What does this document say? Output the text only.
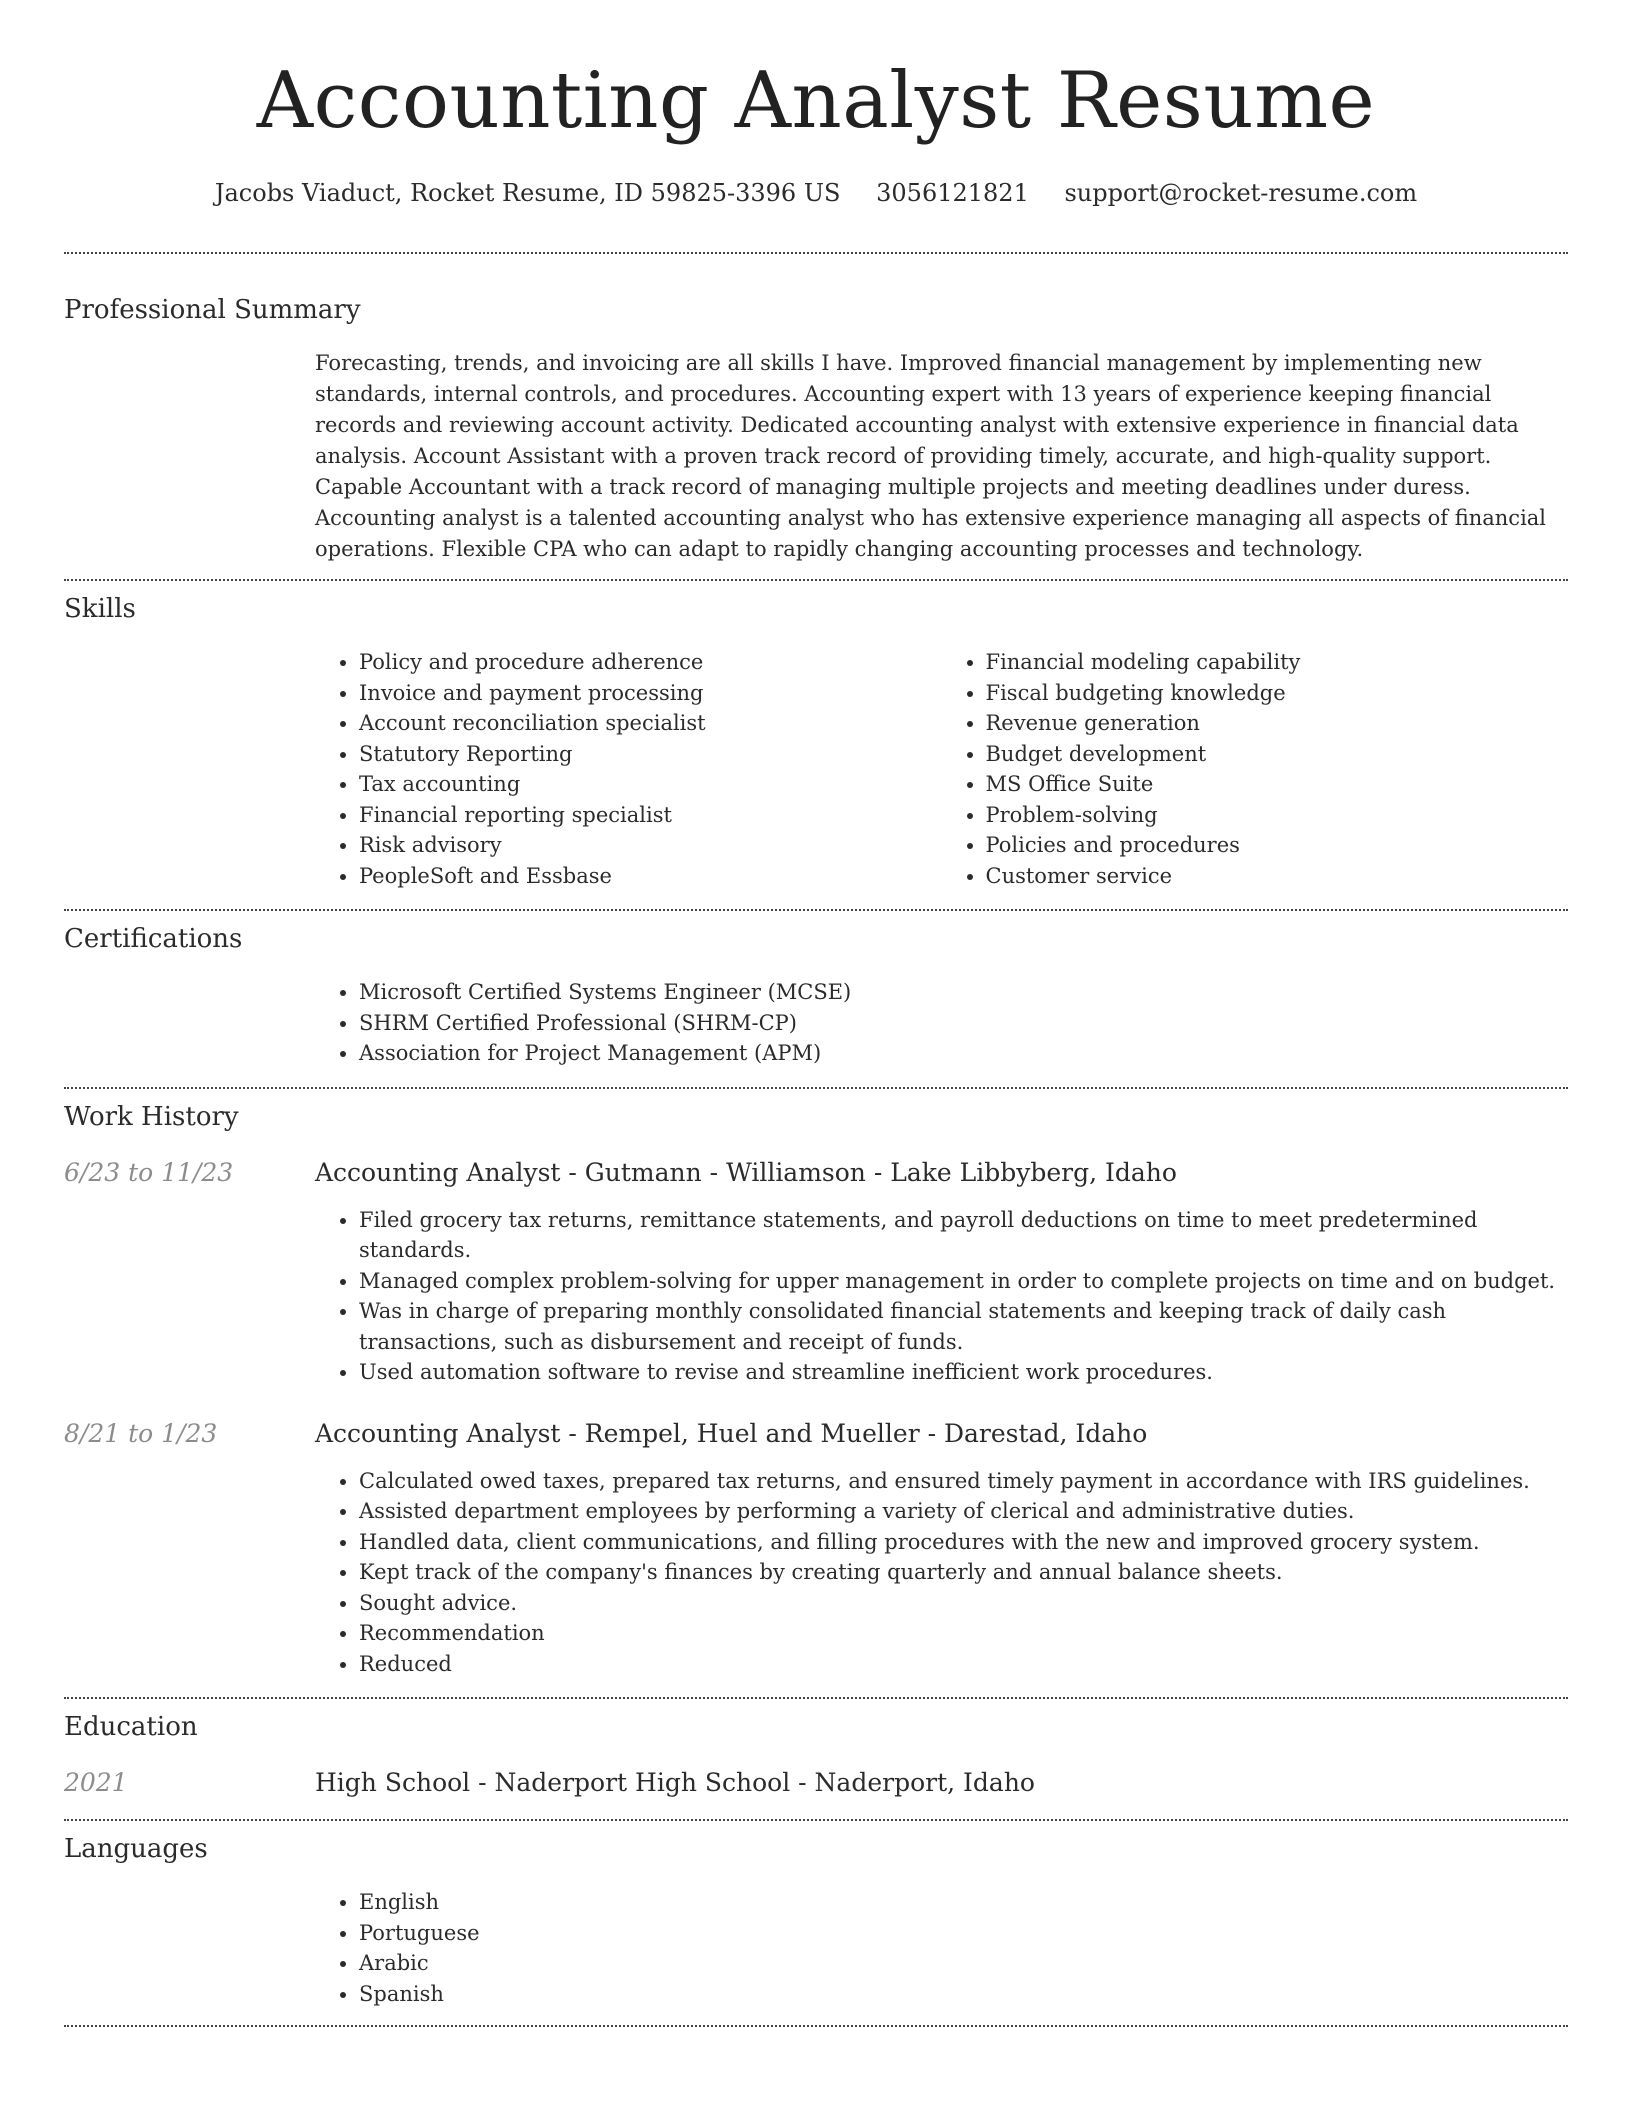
Accounting Analyst Resume
Jacobs Viaduct, Rocket Resume, ID 59825-3396 US 3056121821 support@rocket-resume.com
Professional Summary

Forecasting, trends, and invoicing are all skills I have. Improved financial management by implementing new standards, internal controls, and procedures. Accounting expert with 13 years of experience keeping financial records and reviewing account activity. Dedicated accounting analyst with extensive experience in financial data analysis. Account Assistant with a proven track record of providing timely, accurate, and high-quality support. Capable Accountant with a track record of managing multiple projects and meeting deadlines under duress. Accounting analyst is a talented accounting analyst who has extensive experience managing all aspects of financial operations. Flexible CPA who can adapt to rapidly changing accounting processes and technology.

Skills
• Policy and procedure adherence
• Invoice and payment processing
• Account reconciliation specialist
• Statutory Reporting
• Tax accounting
• Financial reporting specialist
• Risk advisory
• PeopleSoft and Essbase
• Financial modeling capability
• Fiscal budgeting knowledge
• Revenue generation
• Budget development
• MS Office Suite
• Problem-solving
• Policies and procedures
• Customer service
Certifications
• Microsoft Certified Systems Engineer (MCSE)
• SHRM Certified Professional (SHRM-CP)
• Association for Project Management (APM)
Work History
6/23 to 11/23	Accounting Analyst - Gutmann - Williamson - Lake Libbyberg, Idaho
• Filed grocery tax returns, remittance statements, and payroll deductions on time to meet predetermined standards.
• Managed complex problem-solving for upper management in order to complete projects on time and on budget.
• Was in charge of preparing monthly consolidated financial statements and keeping track of daily cash transactions, such as disbursement and receipt of funds.
• Used automation software to revise and streamline inefficient work procedures.
8/21 to 1/23	Accounting Analyst - Rempel, Huel and Mueller - Darestad, Idaho
• Calculated owed taxes, prepared tax returns, and ensured timely payment in accordance with IRS guidelines.
• Assisted department employees by performing a variety of clerical and administrative duties.
• Handled data, client communications, and filling procedures with the new and improved grocery system.
• Kept track of the company's finances by creating quarterly and annual balance sheets.
• Sought advice.
• Recommendation
• Reduced
Education
2021	High School - Naderport High School - Naderport, Idaho
Languages
• English
• Portuguese
• Arabic
• Spanish
